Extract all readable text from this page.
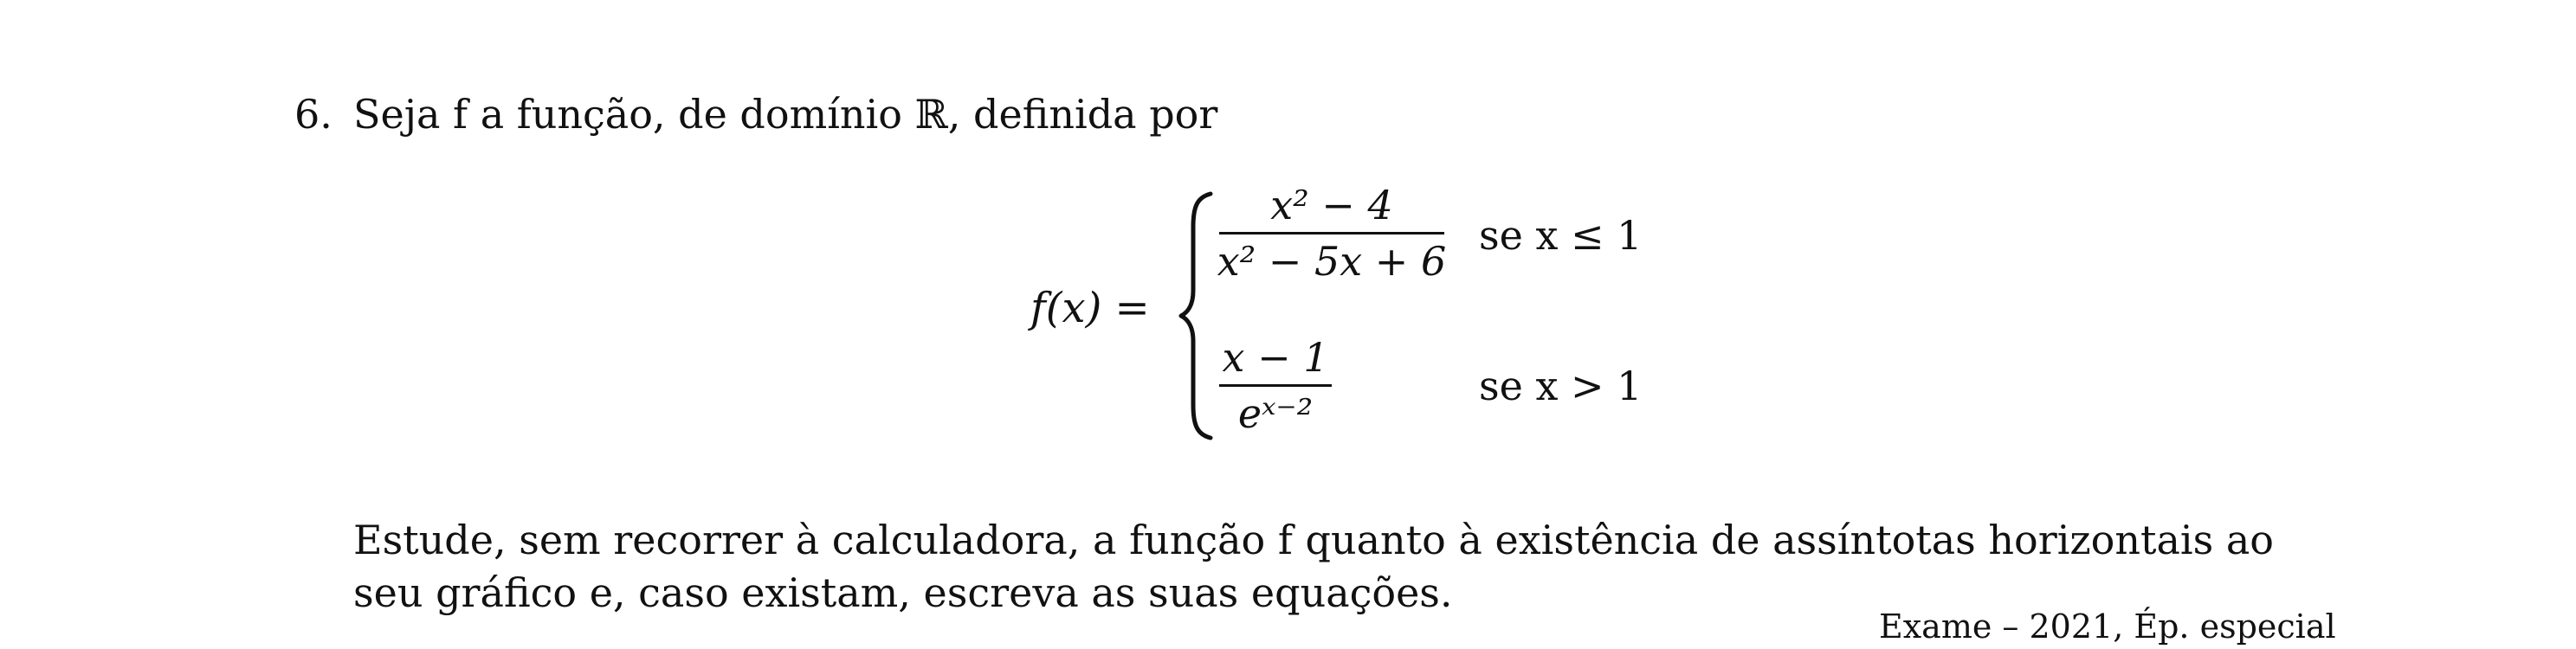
6. Seja f a função, de domínio ℝ, definida por
f(x) =
x² − 4
x² − 5x + 6
se x ≤ 1
x − 1
eˣ⁻²
se x > 1

Estude, sem recorrer à calculadora, a função f quanto à existência de assíntotas horizontais ao seu gráfico e, caso existam, escreva as suas equações.

Exame – 2021, Ép. especial
